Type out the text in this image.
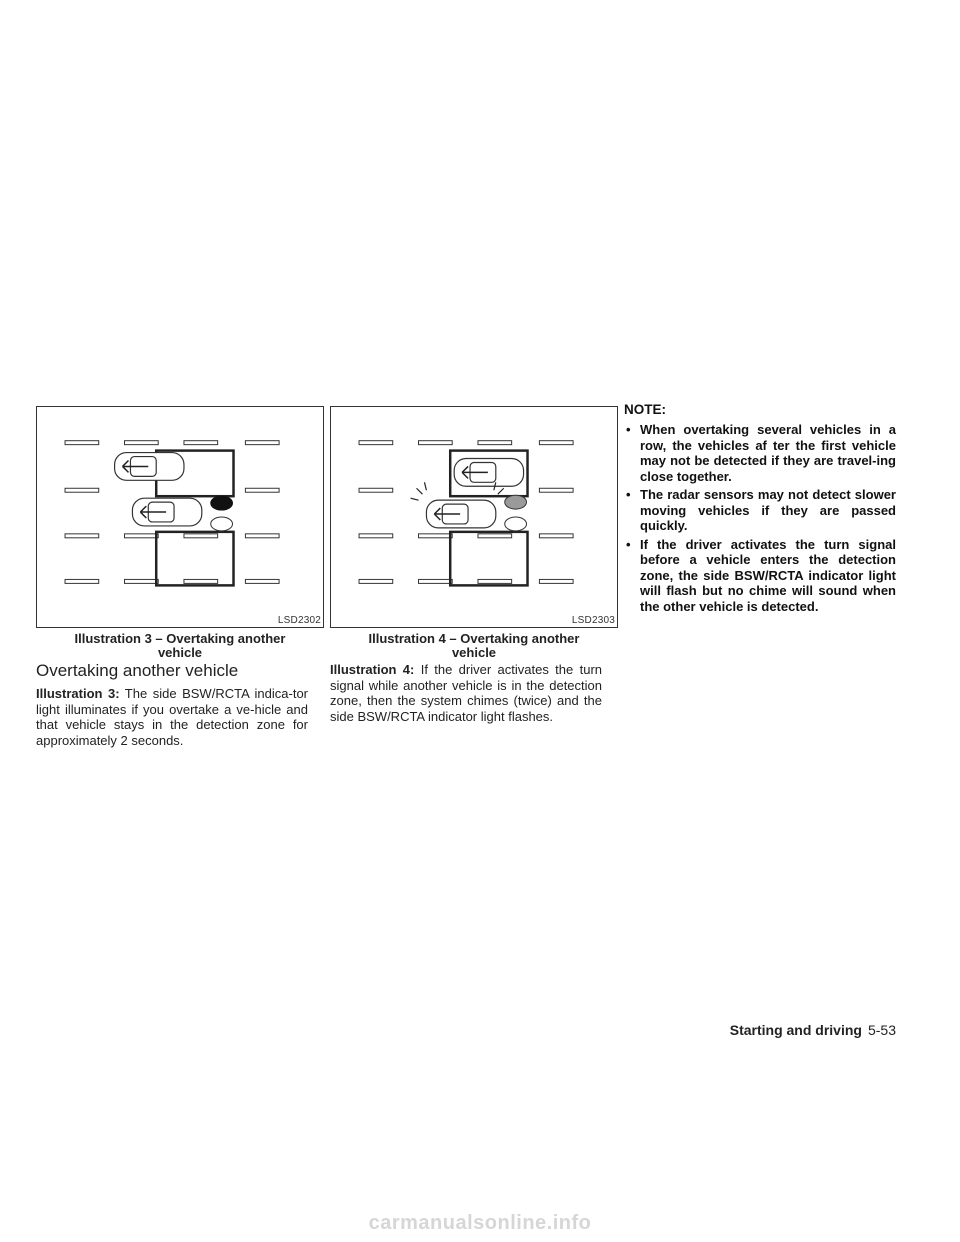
LSD2302
Illustration 3 – Overtaking another
vehicle
LSD2303
Illustration 4 – Overtaking another
vehicle
Overtaking another vehicle

Illustration 3: The side BSW/RCTA indica-tor light illuminates if you overtake a ve-hicle and that vehicle stays in the detection zone for approximately 2 seconds.

Illustration 4: If the driver activates the turn signal while another vehicle is in the detection zone, then the system chimes (twice) and the side BSW/RCTA indicator light flashes.

NOTE:
• When overtaking several vehicles in a row, the vehicles af ter the first vehicle may not be detected if they are travel-ing close together.
• The radar sensors may not detect slower moving vehicles if they are passed quickly.
• If the driver activates the turn signal before a vehicle enters the detection zone, the side BSW/RCTA indicator light will flash but no chime will sound when the other vehicle is detected.
Starting and driving 5-53
carmanualsonline.info
